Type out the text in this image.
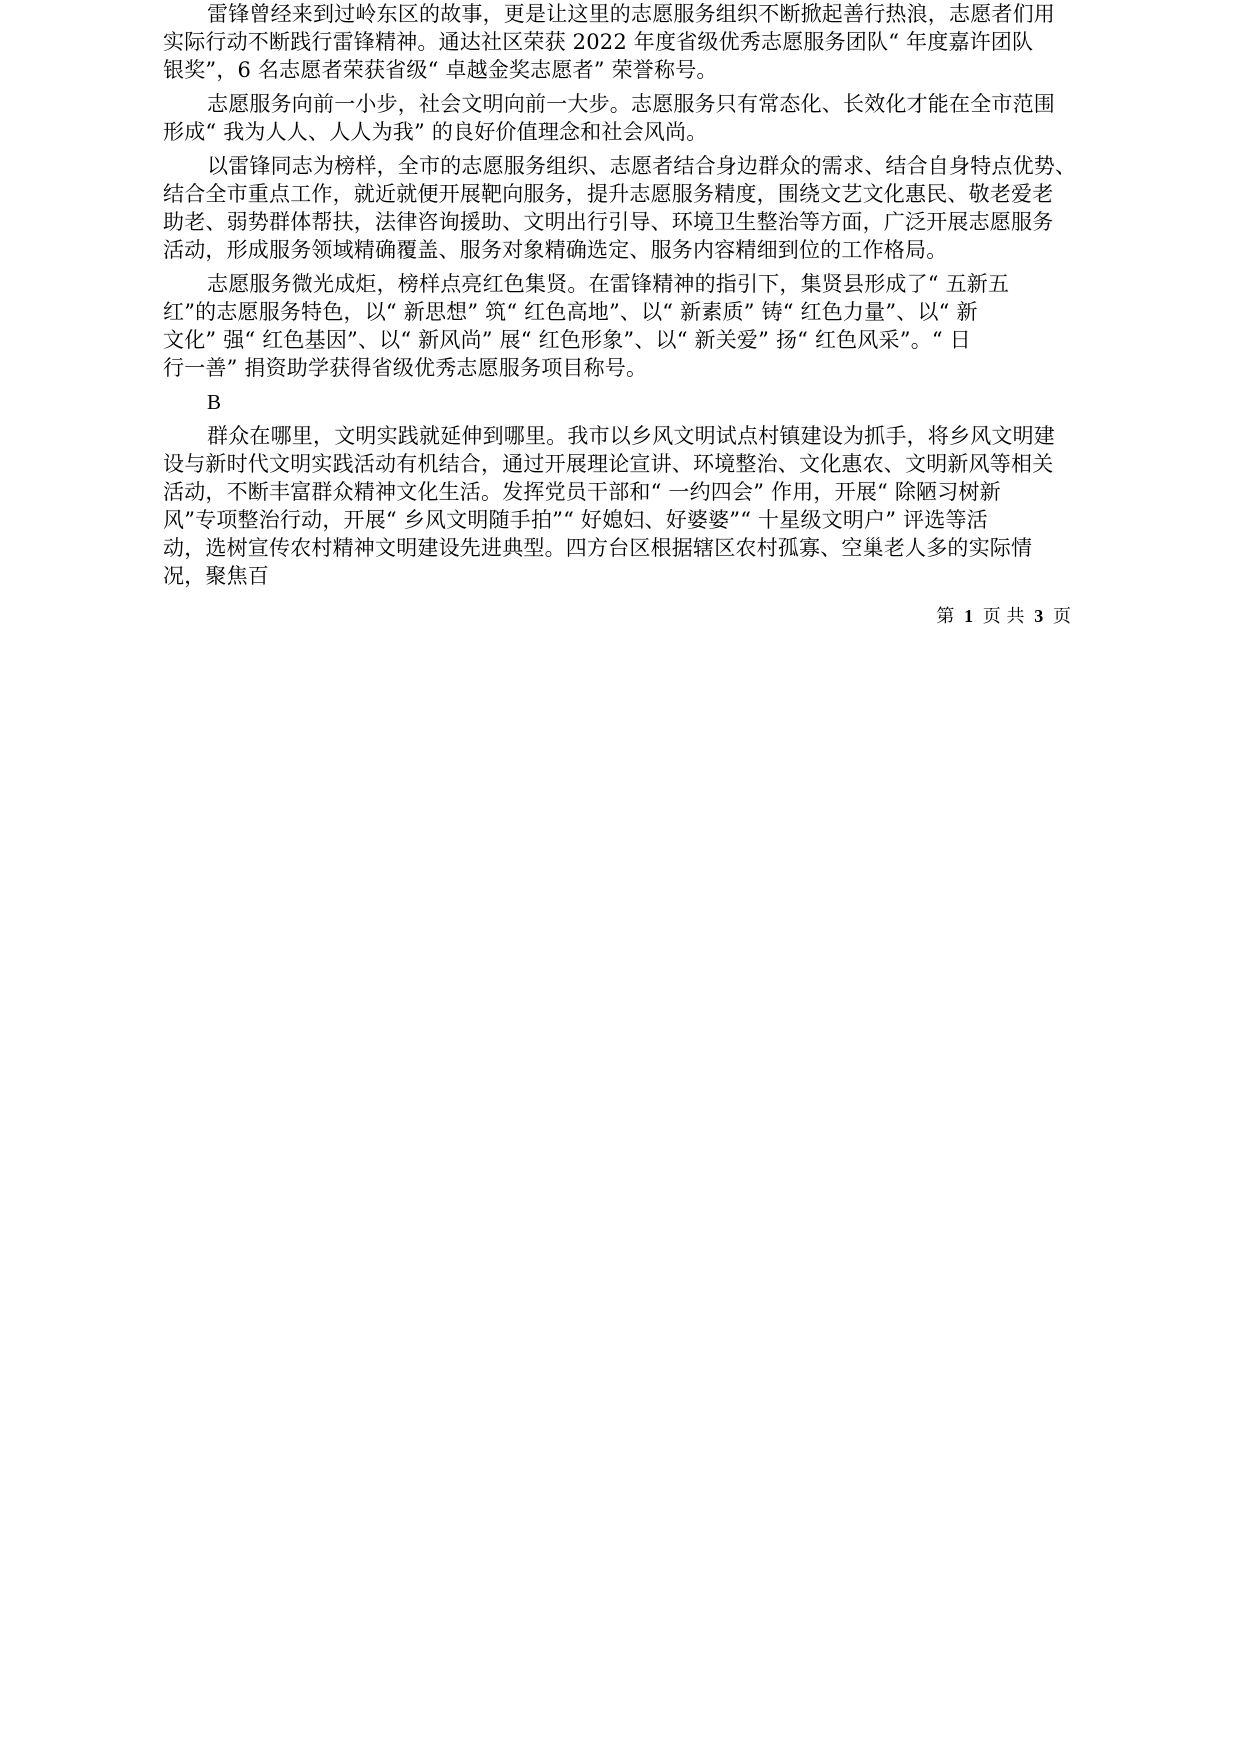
雷锋曾经来到过岭东区的故事，更是让这里的志愿服务组织不断掀起善行热浪，志愿者们用
实际行动不断践行雷锋精神。通达社区荣获 2022 年度省级优秀志愿服务团队“ 年度嘉许团队
银奖”，6 名志愿者荣获省级“ 卓越金奖志愿者” 荣誉称号。

志愿服务向前一小步，社会文明向前一大步。志愿服务只有常态化、长效化才能在全市范围
形成“ 我为人人、人人为我” 的良好价值理念和社会风尚。

以雷锋同志为榜样，全市的志愿服务组织、志愿者结合身边群众的需求、结合自身特点优势、
结合全市重点工作，就近就便开展靶向服务，提升志愿服务精度，围绕文艺文化惠民、敬老爱老
助老、弱势群体帮扶，法律咨询援助、文明出行引导、环境卫生整治等方面，广泛开展志愿服务
活动，形成服务领域精确覆盖、服务对象精确选定、服务内容精细到位的工作格局。

志愿服务微光成炬，榜样点亮红色集贤。在雷锋精神的指引下，集贤县形成了“ 五新五
红”的志愿服务特色，以“ 新思想” 筑“ 红色高地”、以“ 新素质” 铸“ 红色力量”、以“ 新
文化” 强“ 红色基因”、以“ 新风尚” 展“ 红色形象”、以“ 新关爱” 扬“ 红色风采”。“ 日
行一善” 捐资助学获得省级优秀志愿服务项目称号。

B

群众在哪里，文明实践就延伸到哪里。我市以乡风文明试点村镇建设为抓手，将乡风文明建
设与新时代文明实践活动有机结合，通过开展理论宣讲、环境整治、文化惠农、文明新风等相关
活动，不断丰富群众精神文化生活。发挥党员干部和“ 一约四会” 作用，开展“ 除陋习树新
风”专项整治行动，开展“ 乡风文明随手拍”“ 好媳妇、好婆婆”“ 十星级文明户” 评选等活
动，选树宣传农村精神文明建设先进典型。四方台区根据辖区农村孤寡、空巢老人多的实际情
况，聚焦百

第 1 页 共 3 页
